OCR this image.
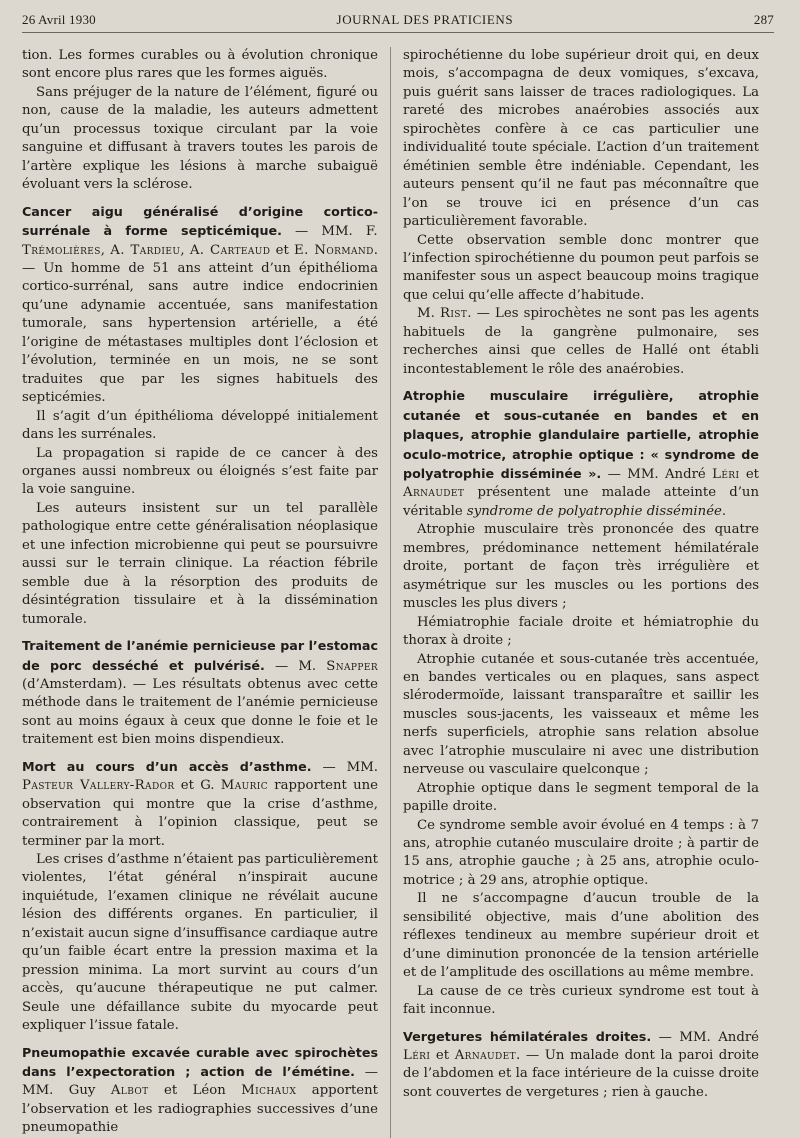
26 Avril 1930	JOURNAL DES PRATICIENS	287

tion. Les formes curables ou à évolution chronique sont encore plus rares que les formes aiguës.

Sans préjuger de la nature de l’élément, figuré ou non, cause de la maladie, les auteurs admettent qu’un processus toxique circulant par la voie sanguine et diffusant à travers toutes les parois de l’artère explique les lésions à marche subaiguë évoluant vers la sclérose.

Cancer aigu généralisé d’origine cortico-surrénale à forme septicémique. — MM. F. Trémolières, A. Tardieu, A. Carteaud et E. Normand. — Un homme de 51 ans atteint d’un épithélioma cortico-surrénal, sans autre indice endocrinien qu’une adynamie accentuée, sans manifestation tumorale, sans hypertension artérielle, a été l’origine de métastases multiples dont l’éclosion et l’évolution, terminée en un mois, ne se sont traduites que par les signes habituels des septicémies.

Il s’agit d’un épithélioma développé initialement dans les surrénales.

La propagation si rapide de ce cancer à des organes aussi nombreux ou éloignés s’est faite par la voie sanguine.

Les auteurs insistent sur un tel parallèle pathologique entre cette généralisation néoplasique et une infection microbienne qui peut se poursuivre aussi sur le terrain clinique. La réaction fébrile semble due à la résorption des produits de désintégration tissulaire et à la dissémination tumorale.

Traitement de l’anémie pernicieuse par l’estomac de porc desséché et pulvérisé. — M. Snapper (d’Amsterdam). — Les résultats obtenus avec cette méthode dans le traitement de l’anémie pernicieuse sont au moins égaux à ceux que donne le foie et le traitement est bien moins dispendieux.

Mort au cours d’un accès d’asthme. — MM. Pasteur Vallery-Rador et G. Mauric rapportent une observation qui montre que la crise d’asthme, contrairement à l’opinion classique, peut se terminer par la mort.

Les crises d’asthme n’étaient pas particulièrement violentes, l’état général n’inspirait aucune inquiétude, l’examen clinique ne révélait aucune lésion des différents organes. En particulier, il n’existait aucun signe d’insuffisance cardiaque autre qu’un faible écart entre la pression maxima et la pression minima. La mort survint au cours d’un accès, qu’aucune thérapeutique ne put calmer. Seule une défaillance subite du myocarde peut expliquer l’issue fatale.

Pneumopathie excavée curable avec spirochètes dans l’expectoration ; action de l’émétine. — MM. Guy Albot et Léon Michaux apportent l’observation et les radiographies successives d’une pneumopathie

spirochétienne du lobe supérieur droit qui, en deux mois, s’accompagna de deux vomiques, s’excava, puis guérit sans laisser de traces radiologiques. La rareté des microbes anaérobies associés aux spirochètes confère à ce cas particulier une individualité toute spéciale. L’action d’un traitement émétinien semble être indéniable. Cependant, les auteurs pensent qu’il ne faut pas méconnaître que l’on se trouve ici en présence d’un cas particulièrement favorable.

Cette observation semble donc montrer que l’infection spirochétienne du poumon peut parfois se manifester sous un aspect beaucoup moins tragique que celui qu’elle affecte d’habitude.

M. Rist. — Les spirochètes ne sont pas les agents habituels de la gangrène pulmonaire, ses recherches ainsi que celles de Hallé ont établi incontestablement le rôle des anaérobies.

Atrophie musculaire irrégulière, atrophie cutanée et sous-cutanée en bandes et en plaques, atrophie glandulaire partielle, atrophie oculo-motrice, atrophie optique : « syndrome de polyatrophie disséminée ». — MM. André Léri et Arnaudet présentent une malade atteinte d’un véritable syndrome de polyatrophie disséminée.

Atrophie musculaire très prononcée des quatre membres, prédominance nettement hémilatérale droite, portant de façon très irrégulière et asymétrique sur les muscles ou les portions des muscles les plus divers ;

Hémiatrophie faciale droite et hémiatrophie du thorax à droite ;

Atrophie cutanée et sous-cutanée très accentuée, en bandes verticales ou en plaques, sans aspect slérodermoïde, laissant transparaître et saillir les muscles sous-jacents, les vaisseaux et même les nerfs superficiels, atrophie sans relation absolue avec l’atrophie musculaire ni avec une distribution nerveuse ou vasculaire quelconque ;

Atrophie optique dans le segment temporal de la papille droite.

Ce syndrome semble avoir évolué en 4 temps : à 7 ans, atrophie cutanéo musculaire droite ; à partir de 15 ans, atrophie gauche ; à 25 ans, atrophie oculo-motrice ; à 29 ans, atrophie optique.

Il ne s’accompagne d’aucun trouble de la sensibilité objective, mais d’une abolition des réflexes tendineux au membre supérieur droit et d’une diminution prononcée de la tension artérielle et de l’amplitude des oscillations au même membre.

La cause de ce très curieux syndrome est tout à fait inconnue.

Vergetures hémilatérales droites. — MM. André Léri et Arnaudet. — Un malade dont la paroi droite de l’abdomen et la face intérieure de la cuisse droite sont couvertes de vergetures ; rien à gauche.
